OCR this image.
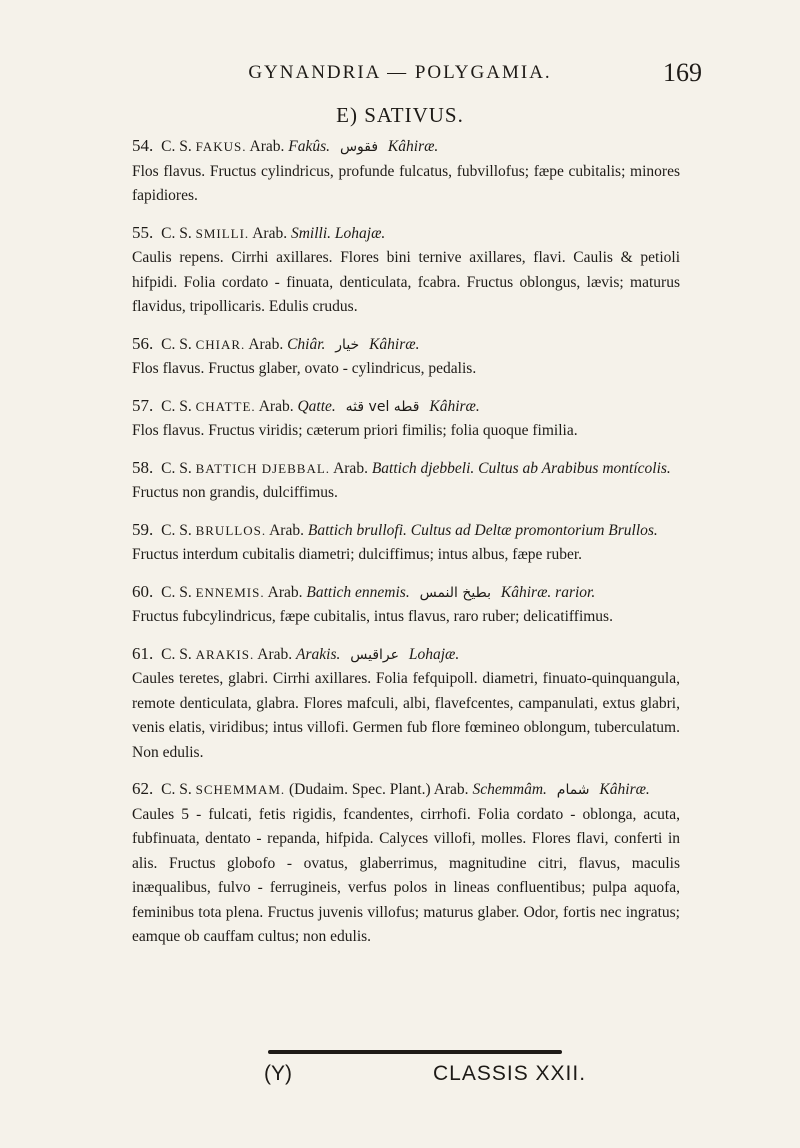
GYNANDRIA — POLYGAMIA.	169
E) SATIVUS.

54. C. S. FAKUS. Arab. Fakûs. فقوس Kâhiræ.

Flos flavus. Fructus cylindricus, profunde fulcatus, fubvillofus; fæpe cubitalis; minores fapidiores.

55. C. S. SMILLI. Arab. Smilli. Lohajæ.

Caulis repens. Cirrhi axillares. Flores bini ternive axillares, flavi. Caulis & petioli hifpidi. Folia cordato - finuata, denticulata, fcabra. Fructus oblongus, lævis; maturus flavidus, tripollicaris. Edulis crudus.

56. C. S. CHIAR. Arab. Chiâr. خيار Kâhiræ.

Flos flavus. Fructus glaber, ovato - cylindricus, pedalis.

57. C. S. CHATTE. Arab. Qatte. قثه vel قطه Kâhiræ.

Flos flavus. Fructus viridis; cæterum priori fimilis; folia quoque fimilia.

58. C. S. BATTICH DJEBBAL. Arab. Battich djebbeli. Cultus ab Arabibus montícolis.

Fructus non grandis, dulciffimus.

59. C. S. BRULLOS. Arab. Battich brullofi. Cultus ad Deltæ promontorium Brullos.

Fructus interdum cubitalis diametri; dulciffimus; intus albus, fæpe ruber.

60. C. S. ENNEMIS. Arab. Battich ennemis. بطيخ النمس Kâhiræ. rarior.

Fructus fubcylindricus, fæpe cubitalis, intus flavus, raro ruber; delicatiffimus.

61. C. S. ARAKIS. Arab. Arakis. عراقيس Lohajæ.

Caules teretes, glabri. Cirrhi axillares. Folia fefquipoll. diametri, finuato-quinquangula, remote denticulata, glabra. Flores mafculi, albi, flavefcentes, campanulati, extus glabri, venis elatis, viridibus; intus villofi. Germen fub flore fœmineo oblongum, tuberculatum. Non edulis.

62. C. S. SCHEMMAM. (Dudaim. Spec. Plant.) Arab. Schemmâm. شمام Kâhiræ.

Caules 5 - fulcati, fetis rigidis, fcandentes, cirrhofi. Folia cordato - oblonga, acuta, fubfinuata, dentato - repanda, hifpida. Calyces villofi, molles. Flores flavi, conferti in alis. Fructus globofo - ovatus, glaberrimus, magnitudine citri, flavus, maculis inæqualibus, fulvo - ferrugineis, verfus polos in lineas confluentibus; pulpa aquofa, feminibus tota plena. Fructus juvenis villofus; maturus glaber. Odor, fortis nec ingratus; eamque ob cauffam cultus; non edulis.

(Y)	CLASSIS XXII.
